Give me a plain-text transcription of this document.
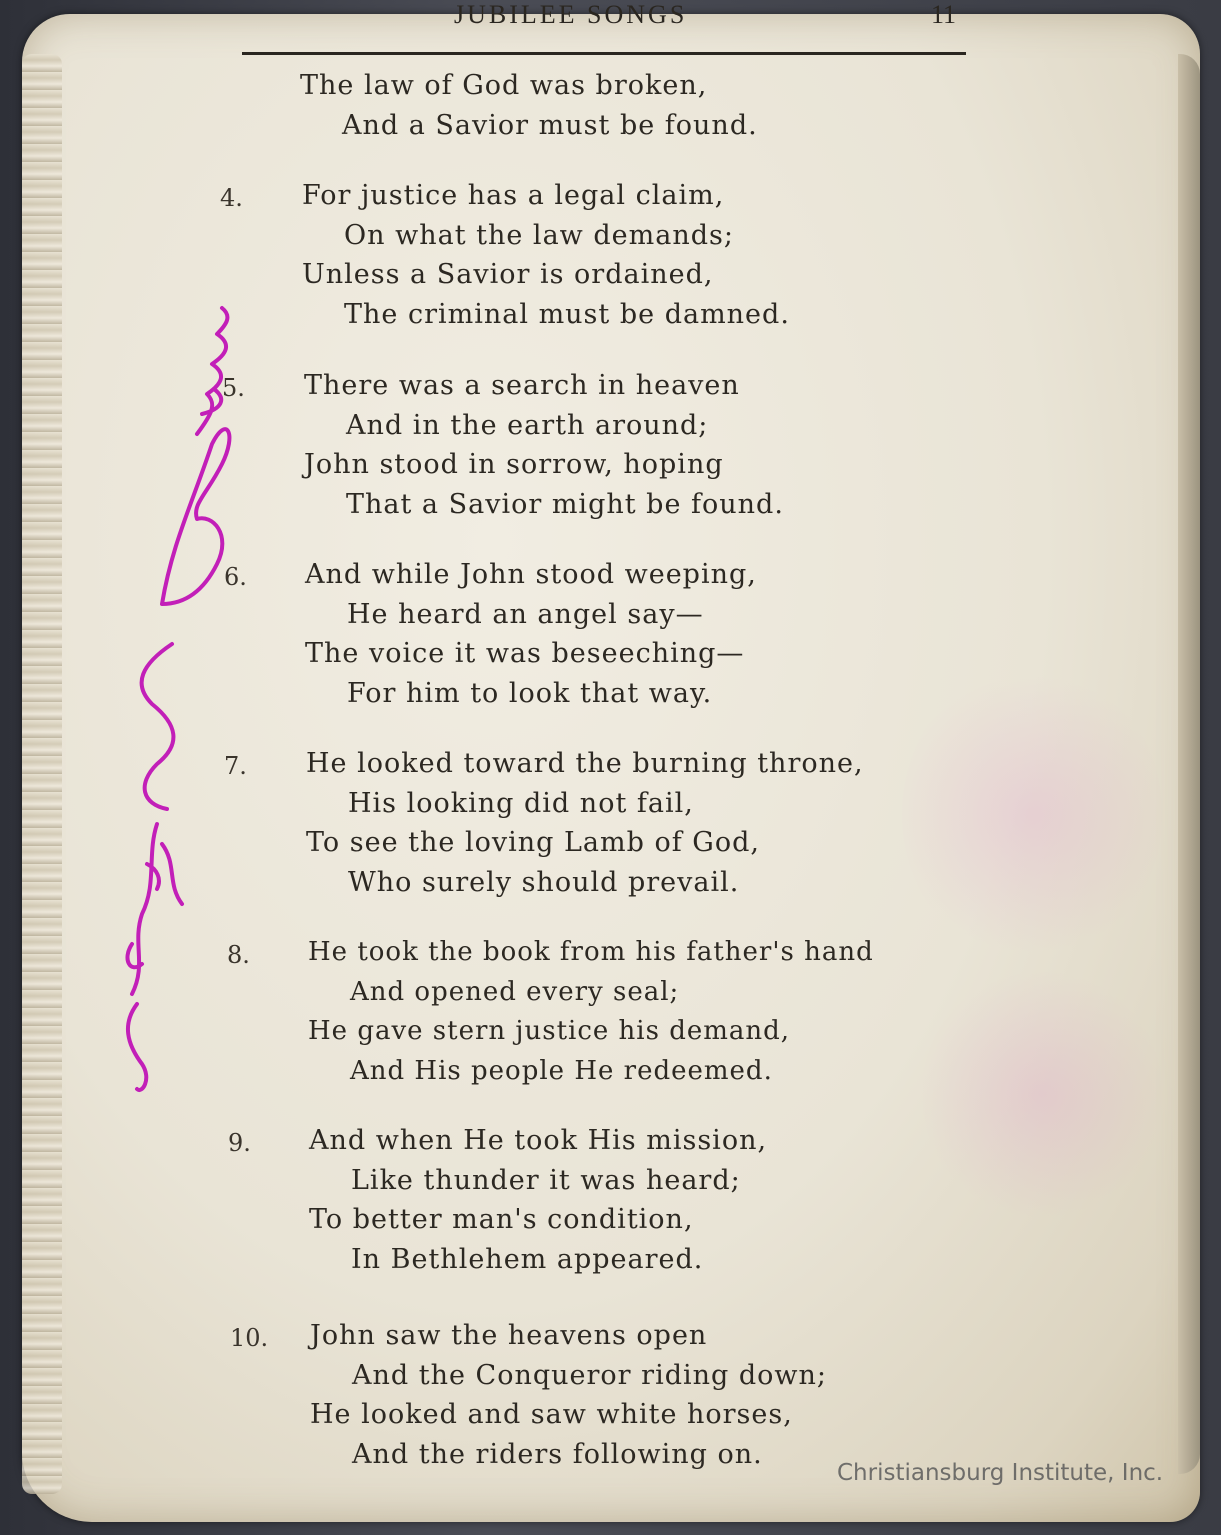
JUBILEE SONGS	11
The law of God was broken,
And a Savior must be found.
4. For justice has a legal claim,
On what the law demands;
Unless a Savior is ordained,
The criminal must be damned.
5. There was a search in heaven
And in the earth around;
John stood in sorrow, hoping
That a Savior might be found.
6. And while John stood weeping,
He heard an angel say—
The voice it was beseeching—
For him to look that way.
7. He looked toward the burning throne,
His looking did not fail,
To see the loving Lamb of God,
Who surely should prevail.
8. He took the book from his father's hand
And opened every seal;
He gave stern justice his demand,
And His people He redeemed.
9. And when He took His mission,
Like thunder it was heard;
To better man's condition,
In Bethlehem appeared.
10. John saw the heavens open
And the Conqueror riding down;
He looked and saw white horses,
And the riders following on.
Christiansburg Institute, Inc.
